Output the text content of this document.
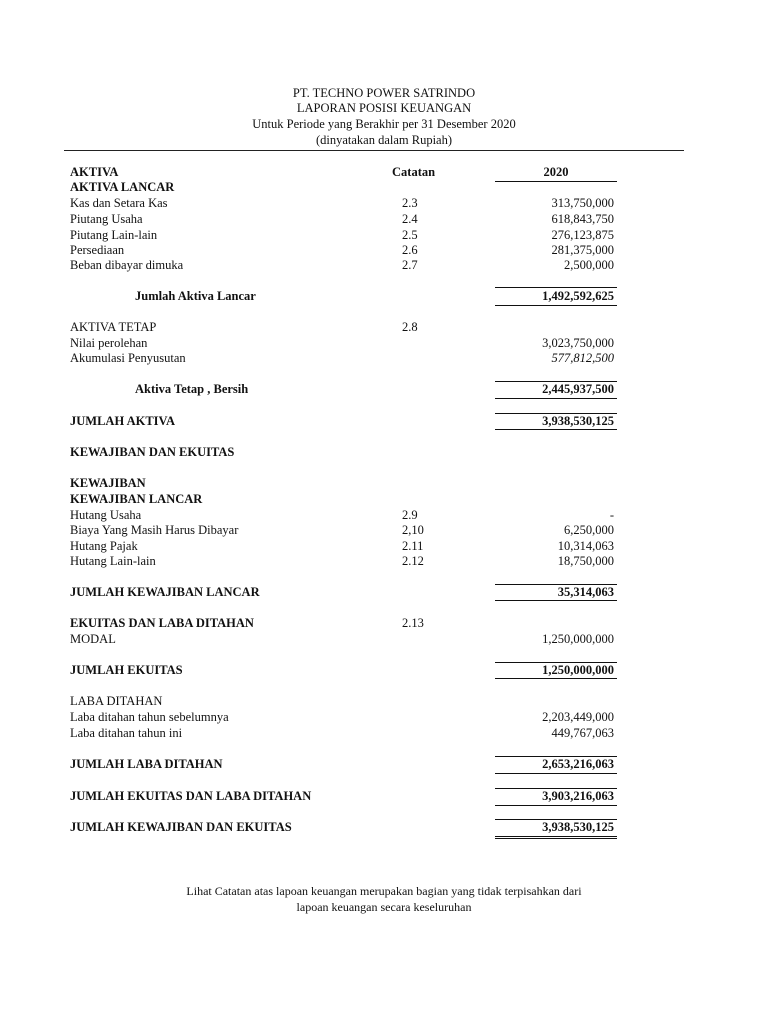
PT. TECHNO POWER SATRINDO
LAPORAN POSISI KEUANGAN
Untuk Periode yang Berakhir per 31 Desember 2020
(dinyatakan dalam Rupiah)
AKTIVA	Catatan	2020
AKTIVA LANCAR
Kas dan Setara Kas	2.3	313,750,000
Piutang Usaha	2.4	618,843,750
Piutang Lain-lain	2.5	276,123,875
Persediaan	2.6	281,375,000
Beban dibayar dimuka	2.7	2,500,000
Jumlah Aktiva Lancar	1,492,592,625
AKTIVA TETAP	2.8
Nilai perolehan	3,023,750,000
Akumulasi Penyusutan	577,812,500
Aktiva Tetap , Bersih	2,445,937,500
JUMLAH AKTIVA	3,938,530,125
KEWAJIBAN DAN EKUITAS
KEWAJIBAN
KEWAJIBAN LANCAR
Hutang Usaha	2.9	-
Biaya Yang Masih Harus Dibayar	2,10	6,250,000
Hutang Pajak	2.11	10,314,063
Hutang Lain-lain	2.12	18,750,000
JUMLAH KEWAJIBAN LANCAR	35,314,063
EKUITAS DAN LABA DITAHAN	2.13
MODAL	1,250,000,000
JUMLAH EKUITAS	1,250,000,000
LABA DITAHAN
Laba ditahan tahun sebelumnya	2,203,449,000
Laba ditahan tahun ini	449,767,063
JUMLAH LABA DITAHAN	2,653,216,063
JUMLAH EKUITAS DAN LABA DITAHAN	3,903,216,063
JUMLAH KEWAJIBAN DAN EKUITAS	3,938,530,125
Lihat Catatan atas lapoan keuangan merupakan bagian yang tidak terpisahkan dari
lapoan keuangan secara keseluruhan
